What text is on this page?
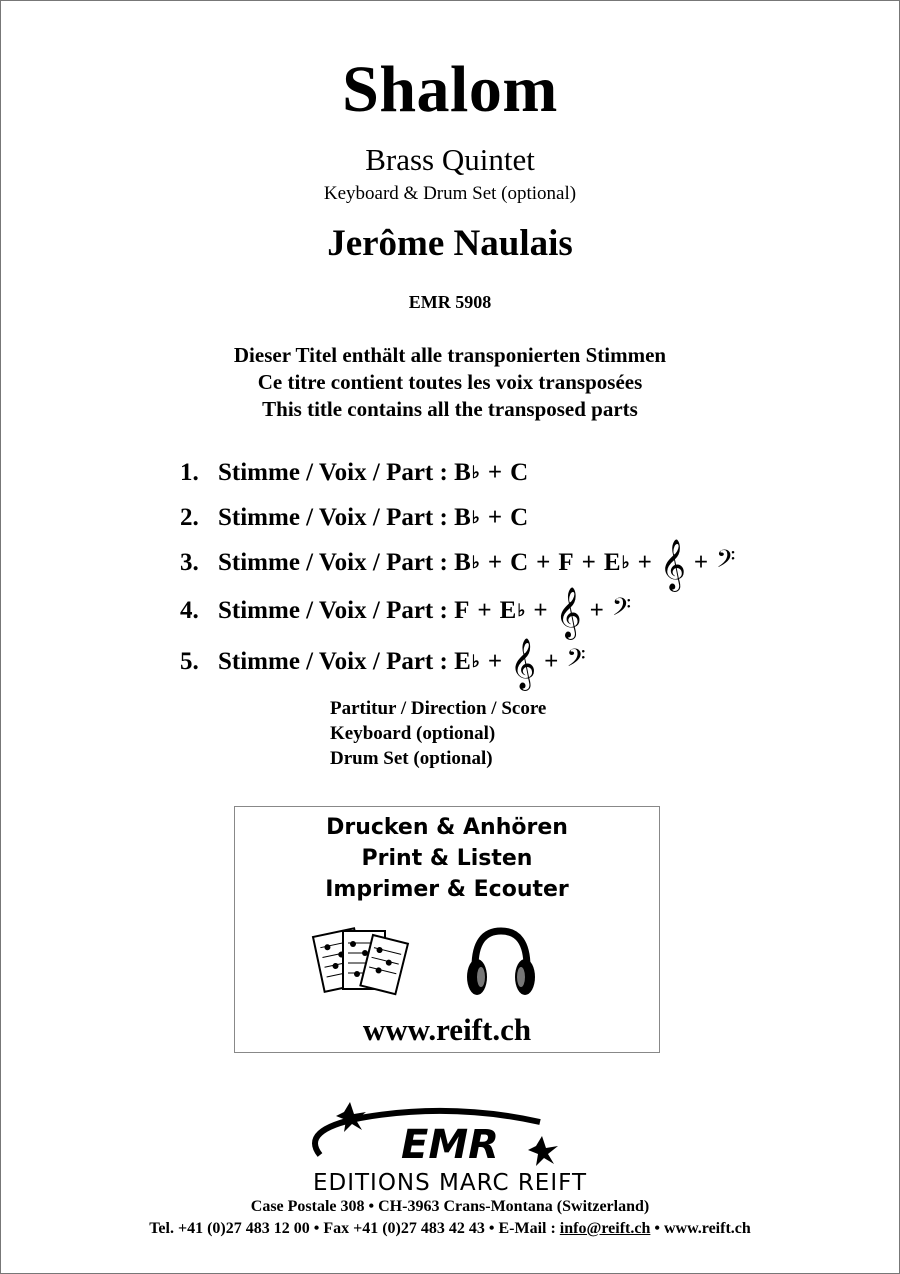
Shalom
Brass Quintet
Keyboard & Drum Set (optional)
Jerôme Naulais
EMR 5908
Dieser Titel enthält alle transponierten Stimmen
Ce titre contient toutes les voix transposées
This title contains all the transposed parts
1. Stimme / Voix / Part :
B ♭ + C
2. Stimme / Voix / Part :
B ♭ + C
3. Stimme / Voix / Part :
B ♭ + C + F + E ♭ + 𝄞 + 𝄢
4. Stimme / Voix / Part :
F + E ♭ + 𝄞 + 𝄢
5. Stimme / Voix / Part :
E ♭ + 𝄞 + 𝄢
Partitur / Direction / Score
Keyboard (optional)
Drum Set (optional)
Drucken & Anhören
Print & Listen
Imprimer & Ecouter
www.reift.ch
EMR
EDITIONS MARC REIFT
Case Postale 308 • CH-3963 Crans-Montana (Switzerland)
Tel. +41 (0)27 483 12 00 • Fax +41 (0)27 483 42 43 • E-Mail : info@reift.ch • www.reift.ch
